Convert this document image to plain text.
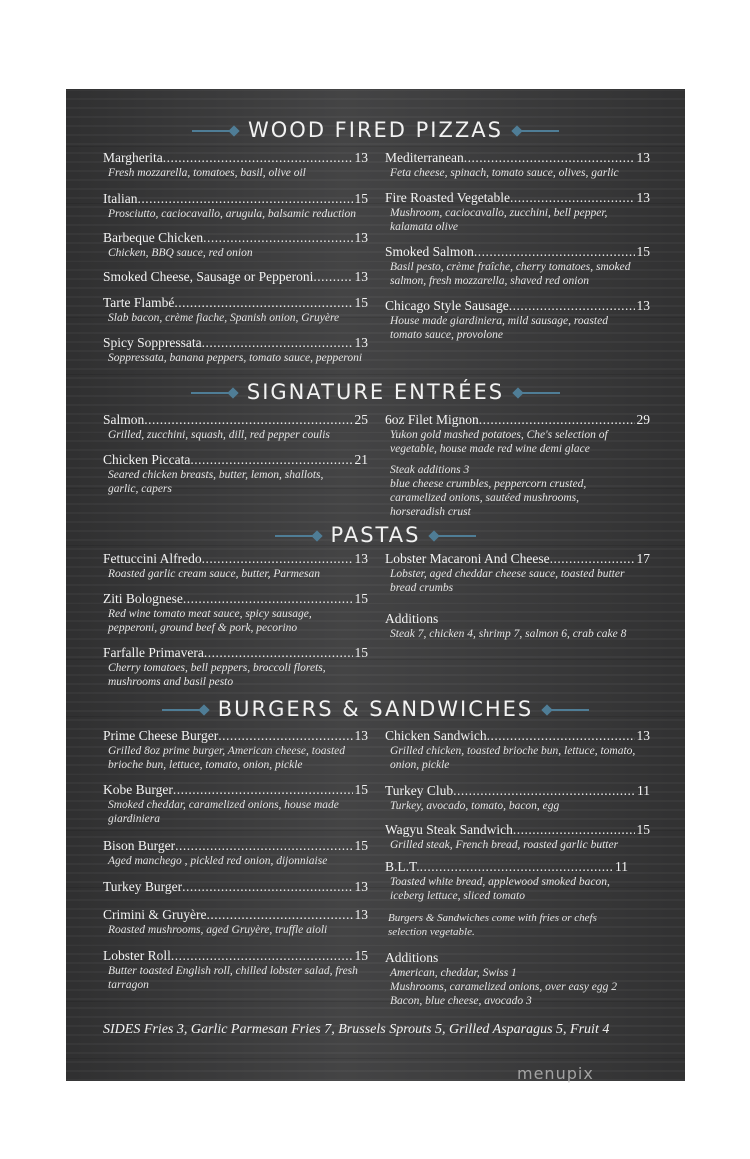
WOOD FIRED PIZZAS
SIGNATURE ENTRÉES
PASTAS
BURGERS & SANDWICHES
Margherita .....	13
Fresh mozzarella, tomatoes, basil, olive oil
Italian .....	15
Prosciutto, caciocavallo, arugula, balsamic reduction
Barbeque Chicken .....	13
Chicken, BBQ sauce, red onion
Smoked Cheese, Sausage or Pepperoni .....	13
Tarte Flambé .....	15
Slab bacon, crème fiache, Spanish onion, Gruyère
Spicy Soppressata .....	13
Soppressata, banana peppers, tomato sauce, pepperoni
Mediterranean .....	13
Feta cheese, spinach, tomato sauce, olives, garlic
Fire Roasted Vegetable .....	13
Mushroom, caciocavallo, zucchini, bell pepper,
kalamata olive
Smoked Salmon .....	15
Basil pesto, crème fraîche, cherry tomatoes, smoked
salmon, fresh mozzarella, shaved red onion
Chicago Style Sausage .....	13
House made giardiniera, mild sausage, roasted
tomato sauce, provolone
Salmon .....	25
Grilled, zucchini, squash, dill, red pepper coulis
Chicken Piccata .....	21
Seared chicken breasts, butter, lemon, shallots,
garlic, capers
6oz Filet Mignon .....	29
Yukon gold mashed potatoes, Che's selection of
vegetable, house made red wine demi glace
Steak additions 3
blue cheese crumbles, peppercorn crusted,
caramelized onions, sautéed mushrooms,
horseradish crust
Fettuccini Alfredo .....	13
Roasted garlic cream sauce, butter, Parmesan
Ziti Bolognese .....	15
Red wine tomato meat sauce, spicy sausage,
pepperoni, ground beef & pork, pecorino
Farfalle Primavera .....	15
Cherry tomatoes, bell peppers, broccoli florets,
mushrooms and basil pesto
Lobster Macaroni And Cheese .....	17
Lobster, aged cheddar cheese sauce, toasted butter
bread crumbs
Additions
Steak 7, chicken 4, shrimp 7, salmon 6, crab cake 8
Prime Cheese Burger .....	13
Grilled 8oz prime burger, American cheese, toasted
brioche bun, lettuce, tomato, onion, pickle
Kobe Burger .....	15
Smoked cheddar, caramelized onions, house made
giardiniera
Bison Burger .....	15
Aged manchego , pickled red onion, dijonniaise
Turkey Burger .....	13
Crimini & Gruyère .....	13
Roasted mushrooms, aged Gruyère, truffle aioli
Lobster Roll .....	15
Butter toasted English roll, chilled lobster salad, fresh
tarragon
Chicken Sandwich .....	13
Grilled chicken, toasted brioche bun, lettuce, tomato,
onion, pickle
Turkey Club .....	11
Turkey, avocado, tomato, bacon, egg
Wagyu Steak Sandwich .....	15
Grilled steak, French bread, roasted garlic butter
B.L.T. .....	11
Toasted white bread, applewood smoked bacon,
iceberg lettuce, sliced tomato
Burgers & Sandwiches come with fries or chefs
selection vegetable.
Additions
American, cheddar, Swiss 1
Mushrooms, caramelized onions, over easy egg 2
Bacon, blue cheese, avocado 3
SIDES Fries 3, Garlic Parmesan Fries 7, Brussels Sprouts 5, Grilled Asparagus 5, Fruit 4
menupix
